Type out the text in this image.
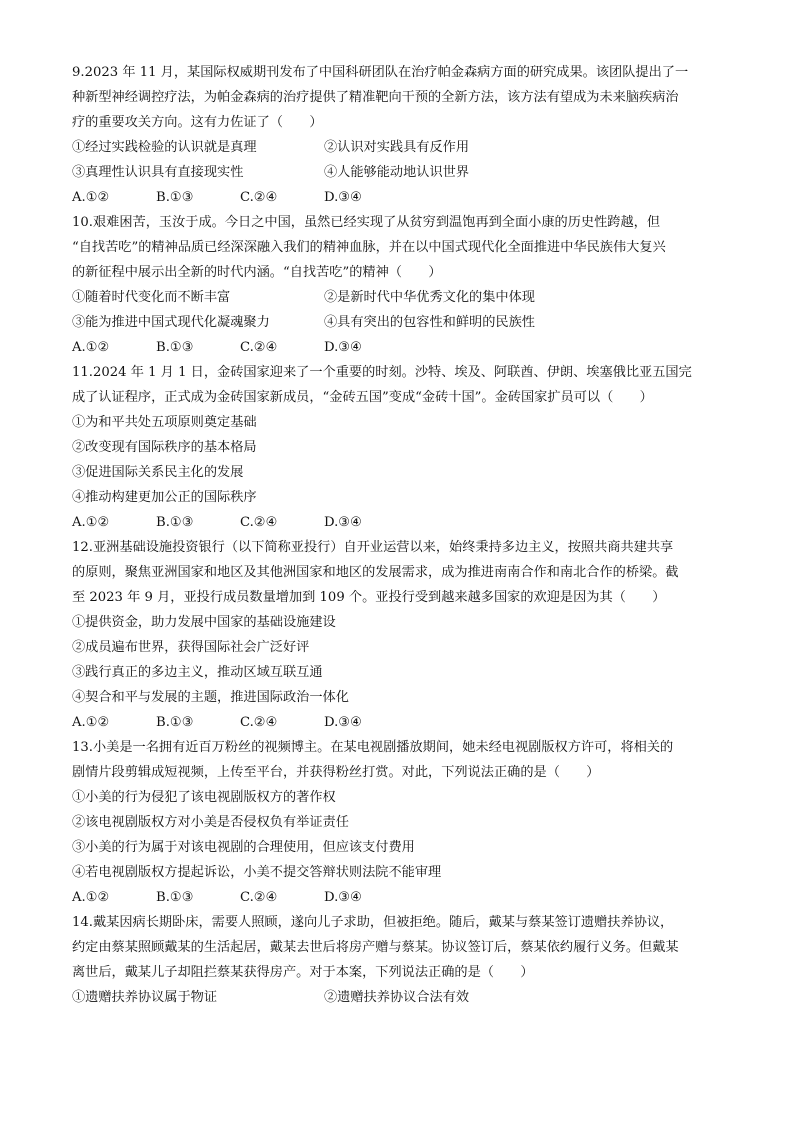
9.2023 年 11 月，某国际权威期刊发布了中国科研团队在治疗帕金森病方面的研究成果。该团队提出了一
种新型神经调控疗法，为帕金森病的治疗提供了精准靶向干预的全新方法，该方法有望成为未来脑疾病治
疗的重要攻关方向。这有力佐证了（　　）
①经过实践检验的认识就是真理	②认识对实践具有反作用
③真理性认识具有直接现实性	④人能够能动地认识世界
A.①②	B.①③	C.②④	D.③④
10.艰难困苦，玉汝于成。今日之中国，虽然已经实现了从贫穷到温饱再到全面小康的历史性跨越，但
“自找苦吃”的精神品质已经深深融入我们的精神血脉，并在以中国式现代化全面推进中华民族伟大复兴
的新征程中展示出全新的时代内涵。“自找苦吃”的精神（　　）
①随着时代变化而不断丰富	②是新时代中华优秀文化的集中体现
③能为推进中国式现代化凝魂聚力	④具有突出的包容性和鲜明的民族性
A.①②	B.①③	C.②④	D.③④
11.2024 年 1 月 1 日，金砖国家迎来了一个重要的时刻。沙特、埃及、阿联酋、伊朗、埃塞俄比亚五国完
成了认证程序，正式成为金砖国家新成员，“金砖五国”变成“金砖十国”。金砖国家扩员可以（　　）
①为和平共处五项原则奠定基础
②改变现有国际秩序的基本格局
③促进国际关系民主化的发展
④推动构建更加公正的国际秩序
A.①②	B.①③	C.②④	D.③④
12.亚洲基础设施投资银行（以下简称亚投行）自开业运营以来，始终秉持多边主义，按照共商共建共享
的原则，聚焦亚洲国家和地区及其他洲国家和地区的发展需求，成为推进南南合作和南北合作的桥梁。截
至 2023 年 9 月，亚投行成员数量增加到 109 个。亚投行受到越来越多国家的欢迎是因为其（　　）
①提供资金，助力发展中国家的基础设施建设
②成员遍布世界，获得国际社会广泛好评
③践行真正的多边主义，推动区域互联互通
④契合和平与发展的主题，推进国际政治一体化
A.①②	B.①③	C.②④	D.③④
13.小美是一名拥有近百万粉丝的视频博主。在某电视剧播放期间，她未经电视剧版权方许可，将相关的
剧情片段剪辑成短视频，上传至平台，并获得粉丝打赏。对此，下列说法正确的是（　　）
①小美的行为侵犯了该电视剧版权方的著作权
②该电视剧版权方对小美是否侵权负有举证责任
③小美的行为属于对该电视剧的合理使用，但应该支付费用
④若电视剧版权方提起诉讼，小美不提交答辩状则法院不能审理
A.①②	B.①③	C.②④	D.③④
14.戴某因病长期卧床，需要人照顾，遂向儿子求助，但被拒绝。随后，戴某与蔡某签订遗赠扶养协议，
约定由蔡某照顾戴某的生活起居，戴某去世后将房产赠与蔡某。协议签订后，蔡某依约履行义务。但戴某
离世后，戴某儿子却阻拦蔡某获得房产。对于本案，下列说法正确的是（　　）
①遗赠扶养协议属于物证	②遗赠扶养协议合法有效
